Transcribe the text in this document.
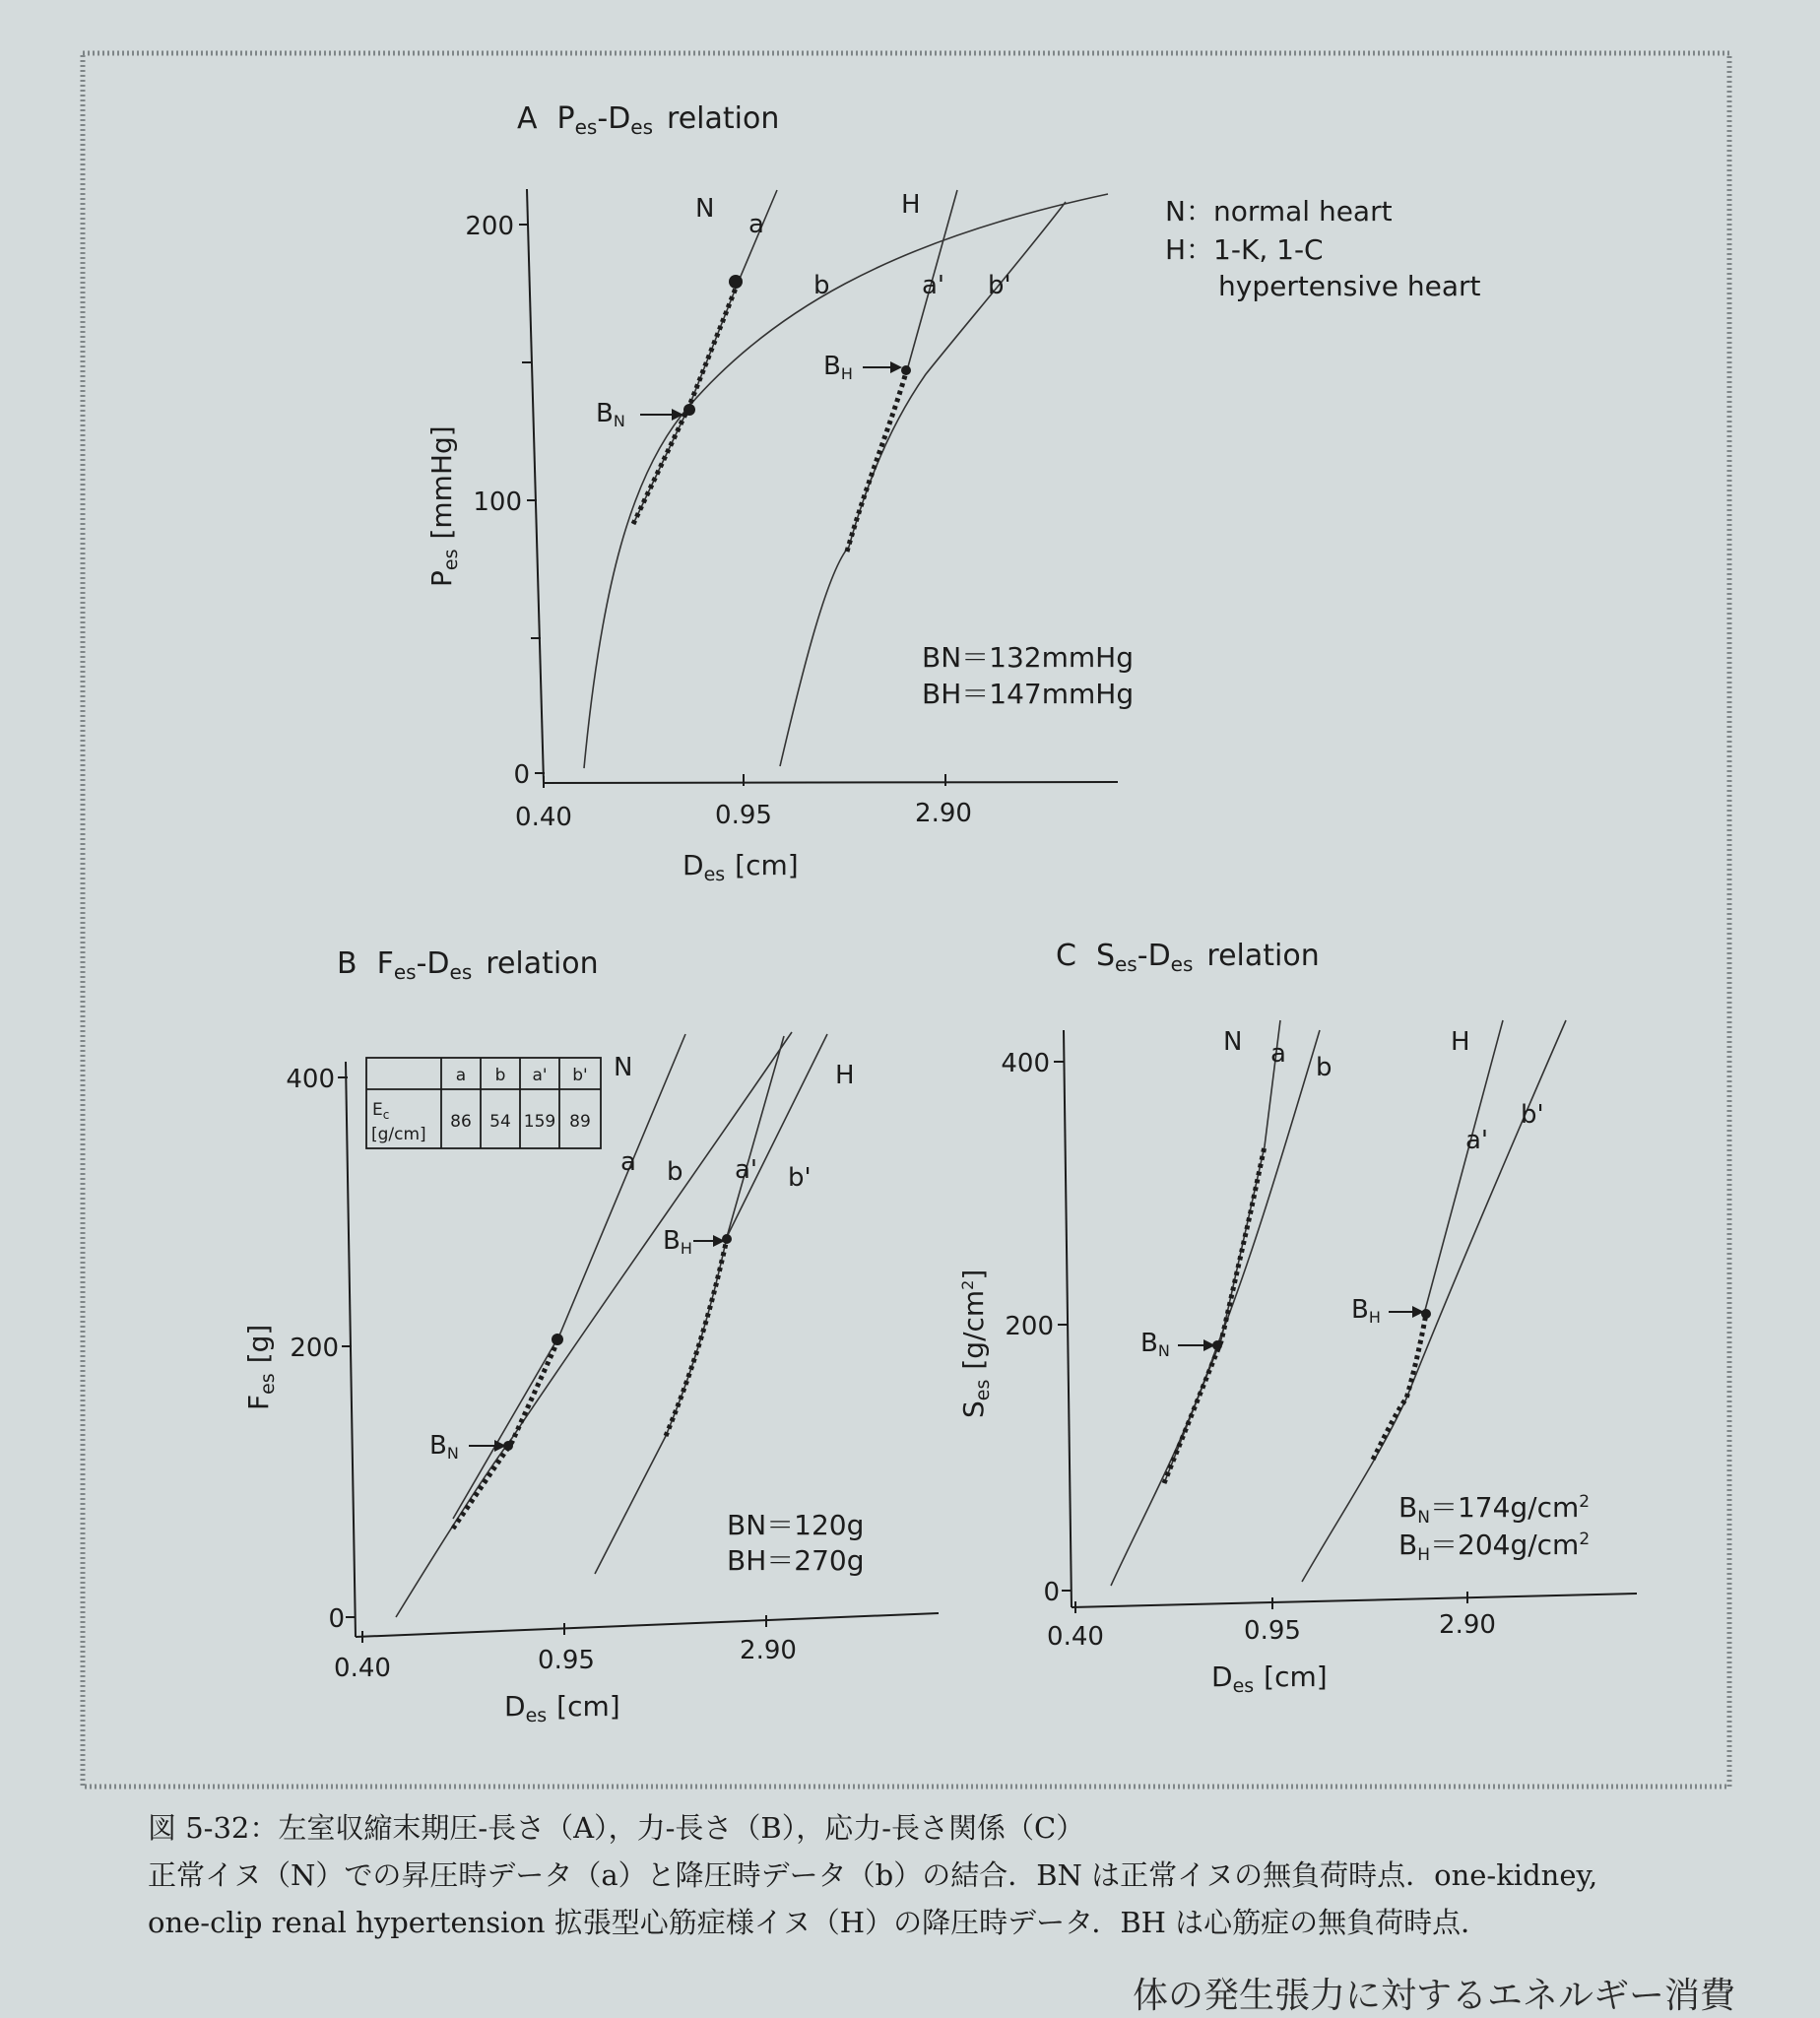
A $P_{es}-D_{es}$ relation
200
100
0
0.40	0.95	2.90
$D_{es}$ [cm]
$P_{es}[mmHg]$
N	H
a
b	a' b'
BN
BH
N：normal heart
H：1-K, 1-C
hypertensive heart
BN＝132mmHg
BH＝147mmHg
B $F_{es}-D_{es}$ relation
400
200
0
0.40	0.95	2.90
$D_{es}$ [cm]
$F_{es}[g]$
N	H
a b a' b'
BN
BH
BN＝120g
BH＝270g
a b a' b'
$E_c$
[g/cm]
86 54 159 89
C $S_{es}-D_{es}$ relation
400
200
0
0.40	0.95	2.90
$D_{es}$ [cm]
$S_{es}[g/cm^2]$
N	H
a b
a'
b'
BN
BH
$B_N=174g/cm^2$
$B_H=204g/cm^2$
図 5-32：左室収縮末期圧-長さ（A），力-長さ（B），応力-長さ関係（C）
正常イヌ（N）での昇圧時データ（a）と降圧時データ（b）の結合．BN は正常イヌの無負荷時点．one-kidney,
one-clip renal hypertension 拡張型心筋症様イヌ（H）の降圧時データ．BH は心筋症の無負荷時点．
体の発生張力に対するエネルギー消費
